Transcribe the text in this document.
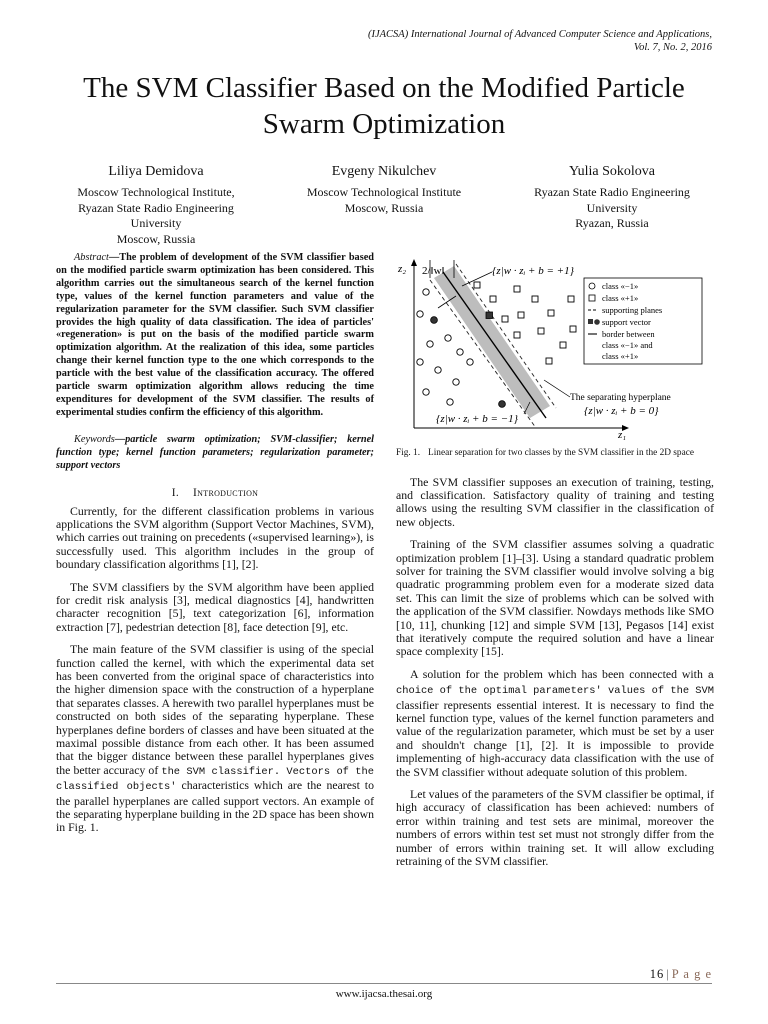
(IJACSA) International Journal of Advanced Computer Science and Applications,
Vol. 7, No. 2, 2016
The SVM Classifier Based on the Modified Particle
Swarm Optimization
Liliya Demidova
Moscow Technological Institute,
Ryazan State Radio Engineering
University
Moscow, Russia
Evgeny Nikulchev
Moscow Technological Institute
Moscow, Russia
Yulia Sokolova
Ryazan State Radio Engineering
University
Ryazan, Russia
Abstract—The problem of development of the SVM classifier based on the modified particle swarm optimization has been considered. This algorithm carries out the simultaneous search of the kernel function type, values of the kernel function parameters and value of the regularization parameter for the SVM classifier. Such SVM classifier provides the high quality of data classification. The idea of particles' «regeneration» is put on the basis of the modified particle swarm optimization algorithm. At the realization of this idea, some particles change their kernel function type to the one which corresponds to the particle with the best value of the classification accuracy. The offered particle swarm optimization algorithm allows reducing the time expenditures for development of the SVM classifier. The results of experimental studies confirm the efficiency of this algorithm.
Keywords—particle swarm optimization; SVM-classifier; kernel function type; kernel function parameters; regularization parameter; support vectors
I. Introduction

Currently, for the different classification problems in various applications the SVM algorithm (Support Vector Machines, SVM), which carries out training on precedents («supervised learning»), is successfully used. This algorithm includes in the group of boundary classification algorithms [1], [2].

The SVM classifiers by the SVM algorithm have been applied for credit risk analysis [3], medical diagnostics [4], handwritten character recognition [5], text categorization [6], information extraction [7], pedestrian detection [8], face detection [9], etc.

The main feature of the SVM classifier is using of the special function called the kernel, with which the experimental data set has been converted from the original space of characteristics into the higher dimension space with the construction of a hyperplane that separates classes. A herewith two parallel hyperplanes must be constructed on both sides of the separating hyperplane. These hyperplanes define borders of classes and have been situated at the maximal possible distance from each other. It has been assumed that the bigger distance between these parallel hyperplanes gives the better accuracy of the SVM classifier. Vectors of the classified objects' characteristics which are the nearest to the parallel hyperplanes are called support vectors. An example of the separating hyperplane building in the 2D space has been shown in Fig. 1.

z₂
z₁
2/‖w‖	{z|w · zᵢ + b = +1}
{z|w · zᵢ + b = −1}
The separating hyperplane
{z|w · zᵢ + b = 0}
class «−1»
class «+1»
supporting planes
support vector
border between
class «−1» and
class «+1»
Fig. 1. Linear separation for two classes by the SVM classifier in the 2D space

The SVM classifier supposes an execution of training, testing, and classification. Satisfactory quality of training and testing allows using the resulting SVM classifier in the classification of new objects.

Training of the SVM classifier assumes solving a quadratic optimization problem [1]–[3]. Using a standard quadratic problem solver for training the SVM classifier would involve solving a big quadratic programming problem even for a moderate sized data set. This can limit the size of problems which can be solved with the application of the SVM classifier. Nowdays methods like SMO [10, 11], chunking [12] and simple SVM [13], Pegasos [14] exist that iteratively compute the required solution and have a linear space complexity [15].

A solution for the problem which has been connected with a choice of the optimal parameters' values of the SVM classifier represents essential interest. It is necessary to find the kernel function type, values of the kernel function parameters and value of the regularization parameter, which must be set by a user and shouldn't change [1], [2]. It is impossible to provide implementing of high-accuracy data classification with the use of the SVM classifier without adequate solution of this problem.

Let values of the parameters of the SVM classifier be optimal, if high accuracy of classification has been achieved: numbers of error within training and test sets are minimal, moreover the numbers of errors within test set must not strongly differ from the number of errors within training set. It will allow excluding retraining of the SVM classifier.

16 | P a g e
www.ijacsa.thesai.org
